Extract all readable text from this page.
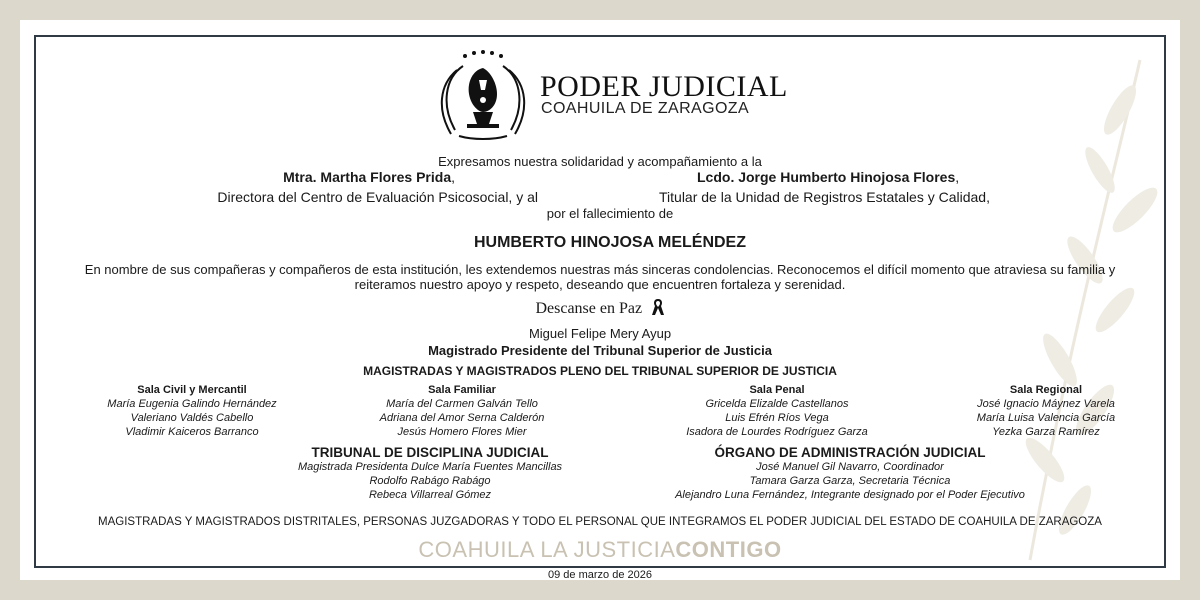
PODER JUDICIAL
COAHUILA DE ZARAGOZA
Expresamos nuestra solidaridad y acompañamiento a la
Mtra. Martha Flores Prida,
Directora del Centro de Evaluación Psicosocial, y al
Lcdo. Jorge Humberto Hinojosa Flores,
Titular de la Unidad de Registros Estatales y Calidad,
por el fallecimiento de
HUMBERTO HINOJOSA MELÉNDEZ
En nombre de sus compañeras y compañeros de esta institución, les extendemos nuestras más sinceras condolencias. Reconocemos el difícil momento que atraviesa su familia y
reiteramos nuestro apoyo y respeto, deseando que encuentren fortaleza y serenidad.
Descanse en Paz
Miguel Felipe Mery Ayup
Magistrado Presidente del Tribunal Superior de Justicia
MAGISTRADAS Y MAGISTRADOS PLENO DEL TRIBUNAL SUPERIOR DE JUSTICIA
Sala Civil y Mercantil
María Eugenia Galindo Hernández
Valeriano Valdés Cabello
Vladimir Kaiceros Barranco
Sala Familiar
María del Carmen Galván Tello
Adriana del Amor Serna Calderón
Jesús Homero Flores Mier
Sala Penal
Gricelda Elizalde Castellanos
Luis Efrén Ríos Vega
Isadora de Lourdes Rodríguez Garza
Sala Regional
José Ignacio Máynez Varela
María Luisa Valencia García
Yezka Garza Ramírez
TRIBUNAL DE DISCIPLINA JUDICIAL
Magistrada Presidenta Dulce María Fuentes Mancillas
Rodolfo Rabágo Rabágo
Rebeca Villarreal Gómez
ÓRGANO DE ADMINISTRACIÓN JUDICIAL
José Manuel Gil Navarro, Coordinador
Tamara Garza Garza, Secretaria Técnica
Alejandro Luna Fernández, Integrante designado por el Poder Ejecutivo
MAGISTRADAS Y MAGISTRADOS DISTRITALES, PERSONAS JUZGADORAS Y TODO EL PERSONAL QUE INTEGRAMOS EL PODER JUDICIAL DEL ESTADO DE COAHUILA DE ZARAGOZA
COAHUILA LA JUSTICIACONTIGO
09 de marzo de 2026
